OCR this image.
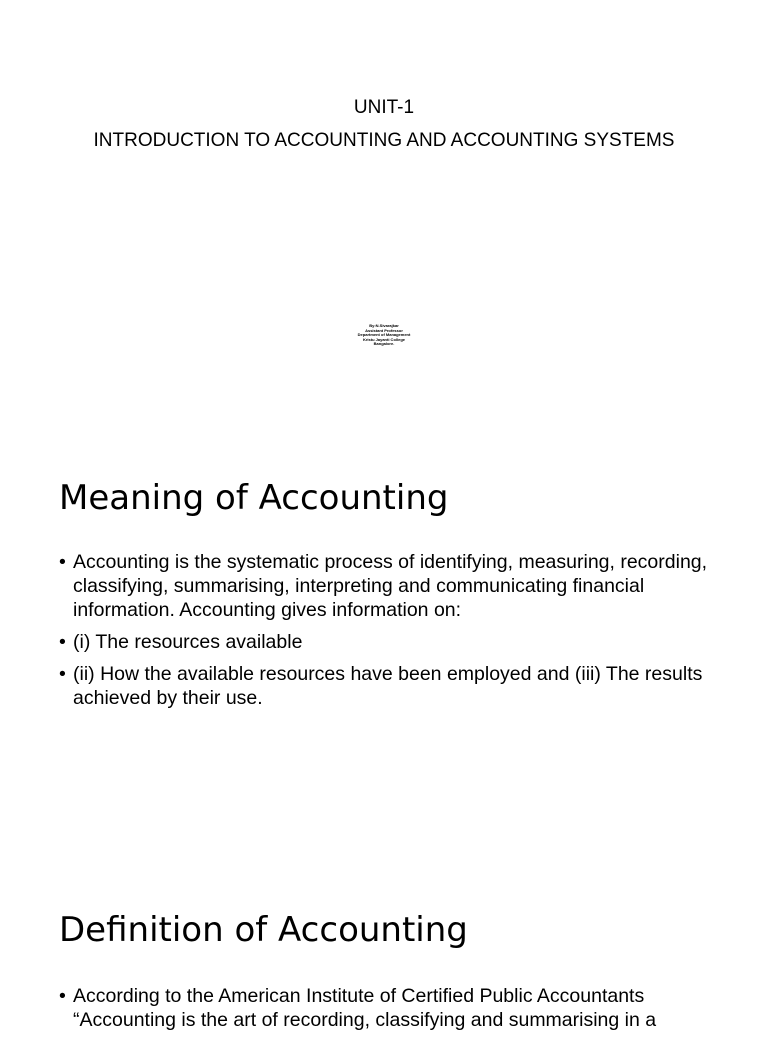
UNIT-1
INTRODUCTION TO ACCOUNTING AND ACCOUNTING SYSTEMS
By:N.Sivarajkar
Assistant Professor
Department of Management
Kristu Jayanti College
Bangalore.
Meaning of Accounting
• Accounting is the systematic process of identifying, measuring, recording, classifying, summarising, interpreting and communicating financial information. Accounting gives information on:
• (i) The resources available
• (ii) How the available resources have been employed and (iii) The results achieved by their use.
Definition of Accounting
• According to the American Institute of Certified Public Accountants “Accounting is the art of recording, classifying and summarising in a
